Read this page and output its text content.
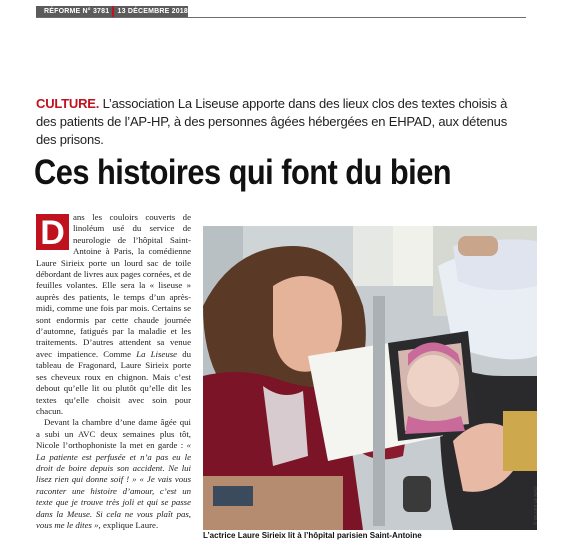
RÉFORME N° 3781 13 DÉCEMBRE 2018
CULTURE. L’association La Liseuse apporte dans des lieux clos des textes choisis à des patients de l’AP-HP, à des personnes âgées hébergées en EHPAD, aux détenus des prisons.
Ces histoires qui font du bien

D ans les couloirs couverts de linoléum usé du service de neurologie de l’hôpital Saint-Antoine à Paris, la comédienne Laure Sirieix porte un lourd sac de toile débordant de livres aux pages cornées, et de feuilles volantes. Elle sera la « liseuse » auprès des patients, le temps d’un après-midi, comme une fois par mois. Certains se sont endormis par cette chaude journée d’automne, fatigués par la maladie et les traitements. D’autres attendent sa venue avec impatience. Comme La Liseuse du tableau de Fragonard, Laure Sirieix porte ses cheveux roux en chignon. Mais c’est debout qu’elle lit ou plutôt qu’elle dit les textes qu’elle choisit avec soin pour chacun.

Devant la chambre d’une dame âgée qui a subi un AVC deux semaines plus tôt, Nicole l’orthophoniste la met en garde : « La patiente est perfusée et n’a pas eu le droit de boire depuis son accident. Ne lui lisez rien qui donne soif ! » « Je vais vous raconter une histoire d’amour, c’est un texte que je trouve très joli et qui se passe dans la Meuse. Si cela ne vous plaît pas, vous me le dites », explique Laure.

L’actrice Laure Sirieix lit à l’hôpital parisien Saint-Antoine
© GILLES LE MAO
